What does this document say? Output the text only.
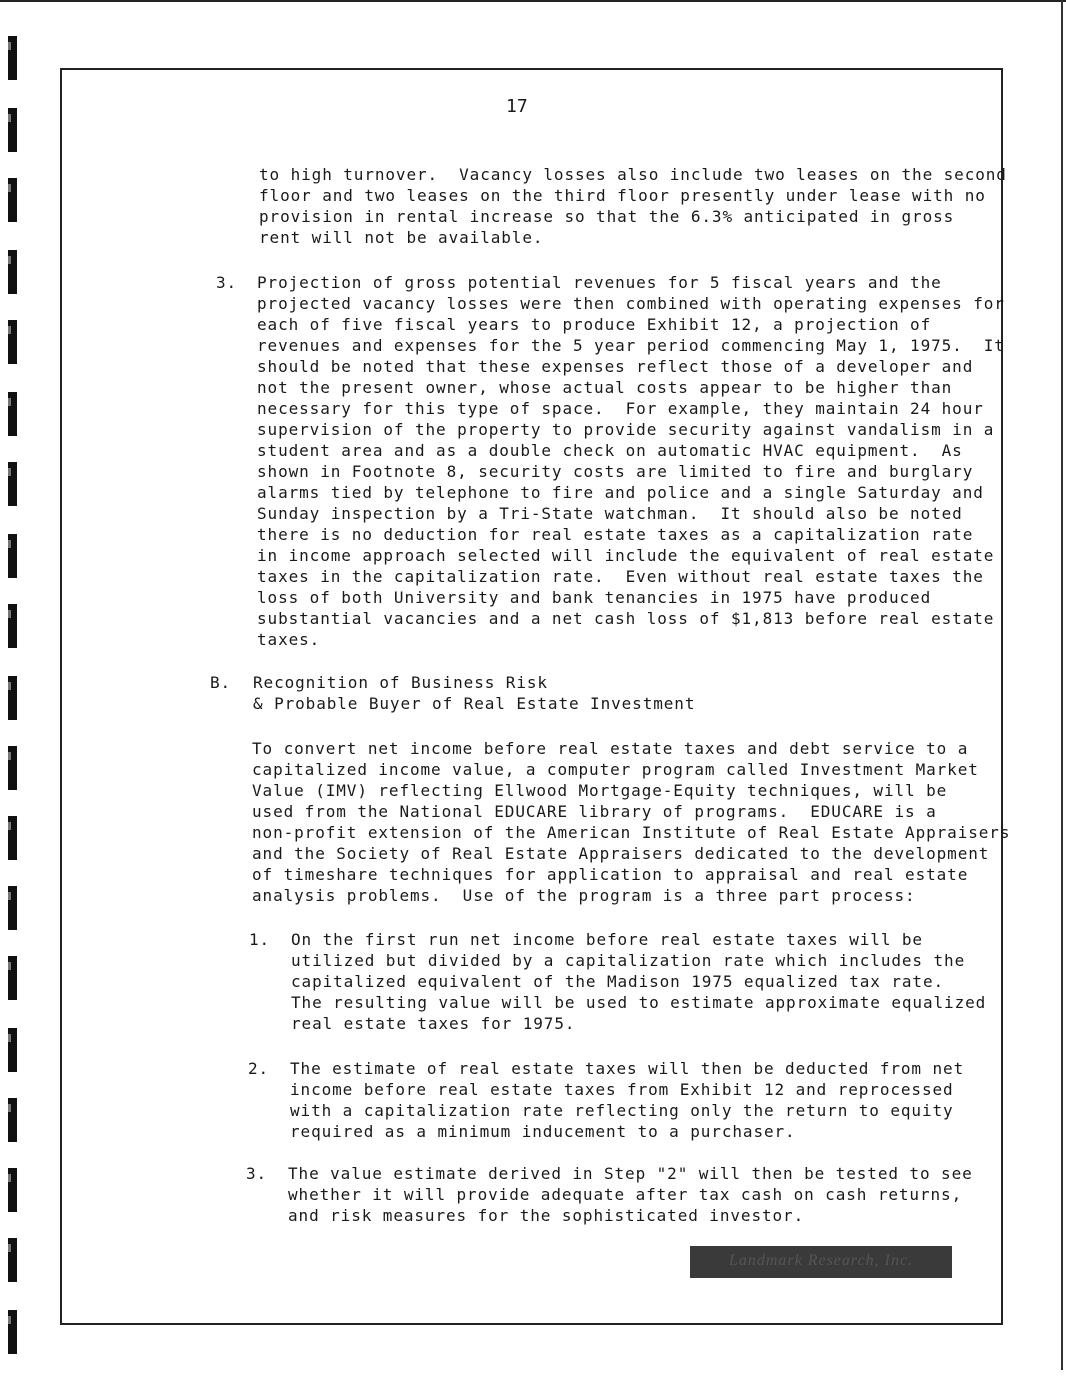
17

to high turnover.  Vacancy losses also include two leases on the second
floor and two leases on the third floor presently under lease with no
provision in rental increase so that the 6.3% anticipated in gross
rent will not be available.

3. Projection of gross potential revenues for 5 fiscal years and the
projected vacancy losses were then combined with operating expenses for
each of five fiscal years to produce Exhibit 12, a projection of
revenues and expenses for the 5 year period commencing May 1, 1975.  It
should be noted that these expenses reflect those of a developer and
not the present owner, whose actual costs appear to be higher than
necessary for this type of space.  For example, they maintain 24 hour
supervision of the property to provide security against vandalism in a
student area and as a double check on automatic HVAC equipment.  As
shown in Footnote 8, security costs are limited to fire and burglary
alarms tied by telephone to fire and police and a single Saturday and
Sunday inspection by a Tri-State watchman.  It should also be noted
there is no deduction for real estate taxes as a capitalization rate
in income approach selected will include the equivalent of real estate
taxes in the capitalization rate.  Even without real estate taxes the
loss of both University and bank tenancies in 1975 have produced
substantial vacancies and a net cash loss of $1,813 before real estate
taxes.

B. Recognition of Business Risk
& Probable Buyer of Real Estate Investment

To convert net income before real estate taxes and debt service to a
capitalized income value, a computer program called Investment Market
Value (IMV) reflecting Ellwood Mortgage-Equity techniques, will be
used from the National EDUCARE library of programs.  EDUCARE is a
non-profit extension of the American Institute of Real Estate Appraisers
and the Society of Real Estate Appraisers dedicated to the development
of timeshare techniques for application to appraisal and real estate
analysis problems.  Use of the program is a three part process:

1. On the first run net income before real estate taxes will be
utilized but divided by a capitalization rate which includes the
capitalized equivalent of the Madison 1975 equalized tax rate.
The resulting value will be used to estimate approximate equalized
real estate taxes for 1975.

2. The estimate of real estate taxes will then be deducted from net
income before real estate taxes from Exhibit 12 and reprocessed
with a capitalization rate reflecting only the return to equity
required as a minimum inducement to a purchaser.

3. The value estimate derived in Step "2" will then be tested to see
whether it will provide adequate after tax cash on cash returns,
and risk measures for the sophisticated investor.

Landmark Research, Inc.
